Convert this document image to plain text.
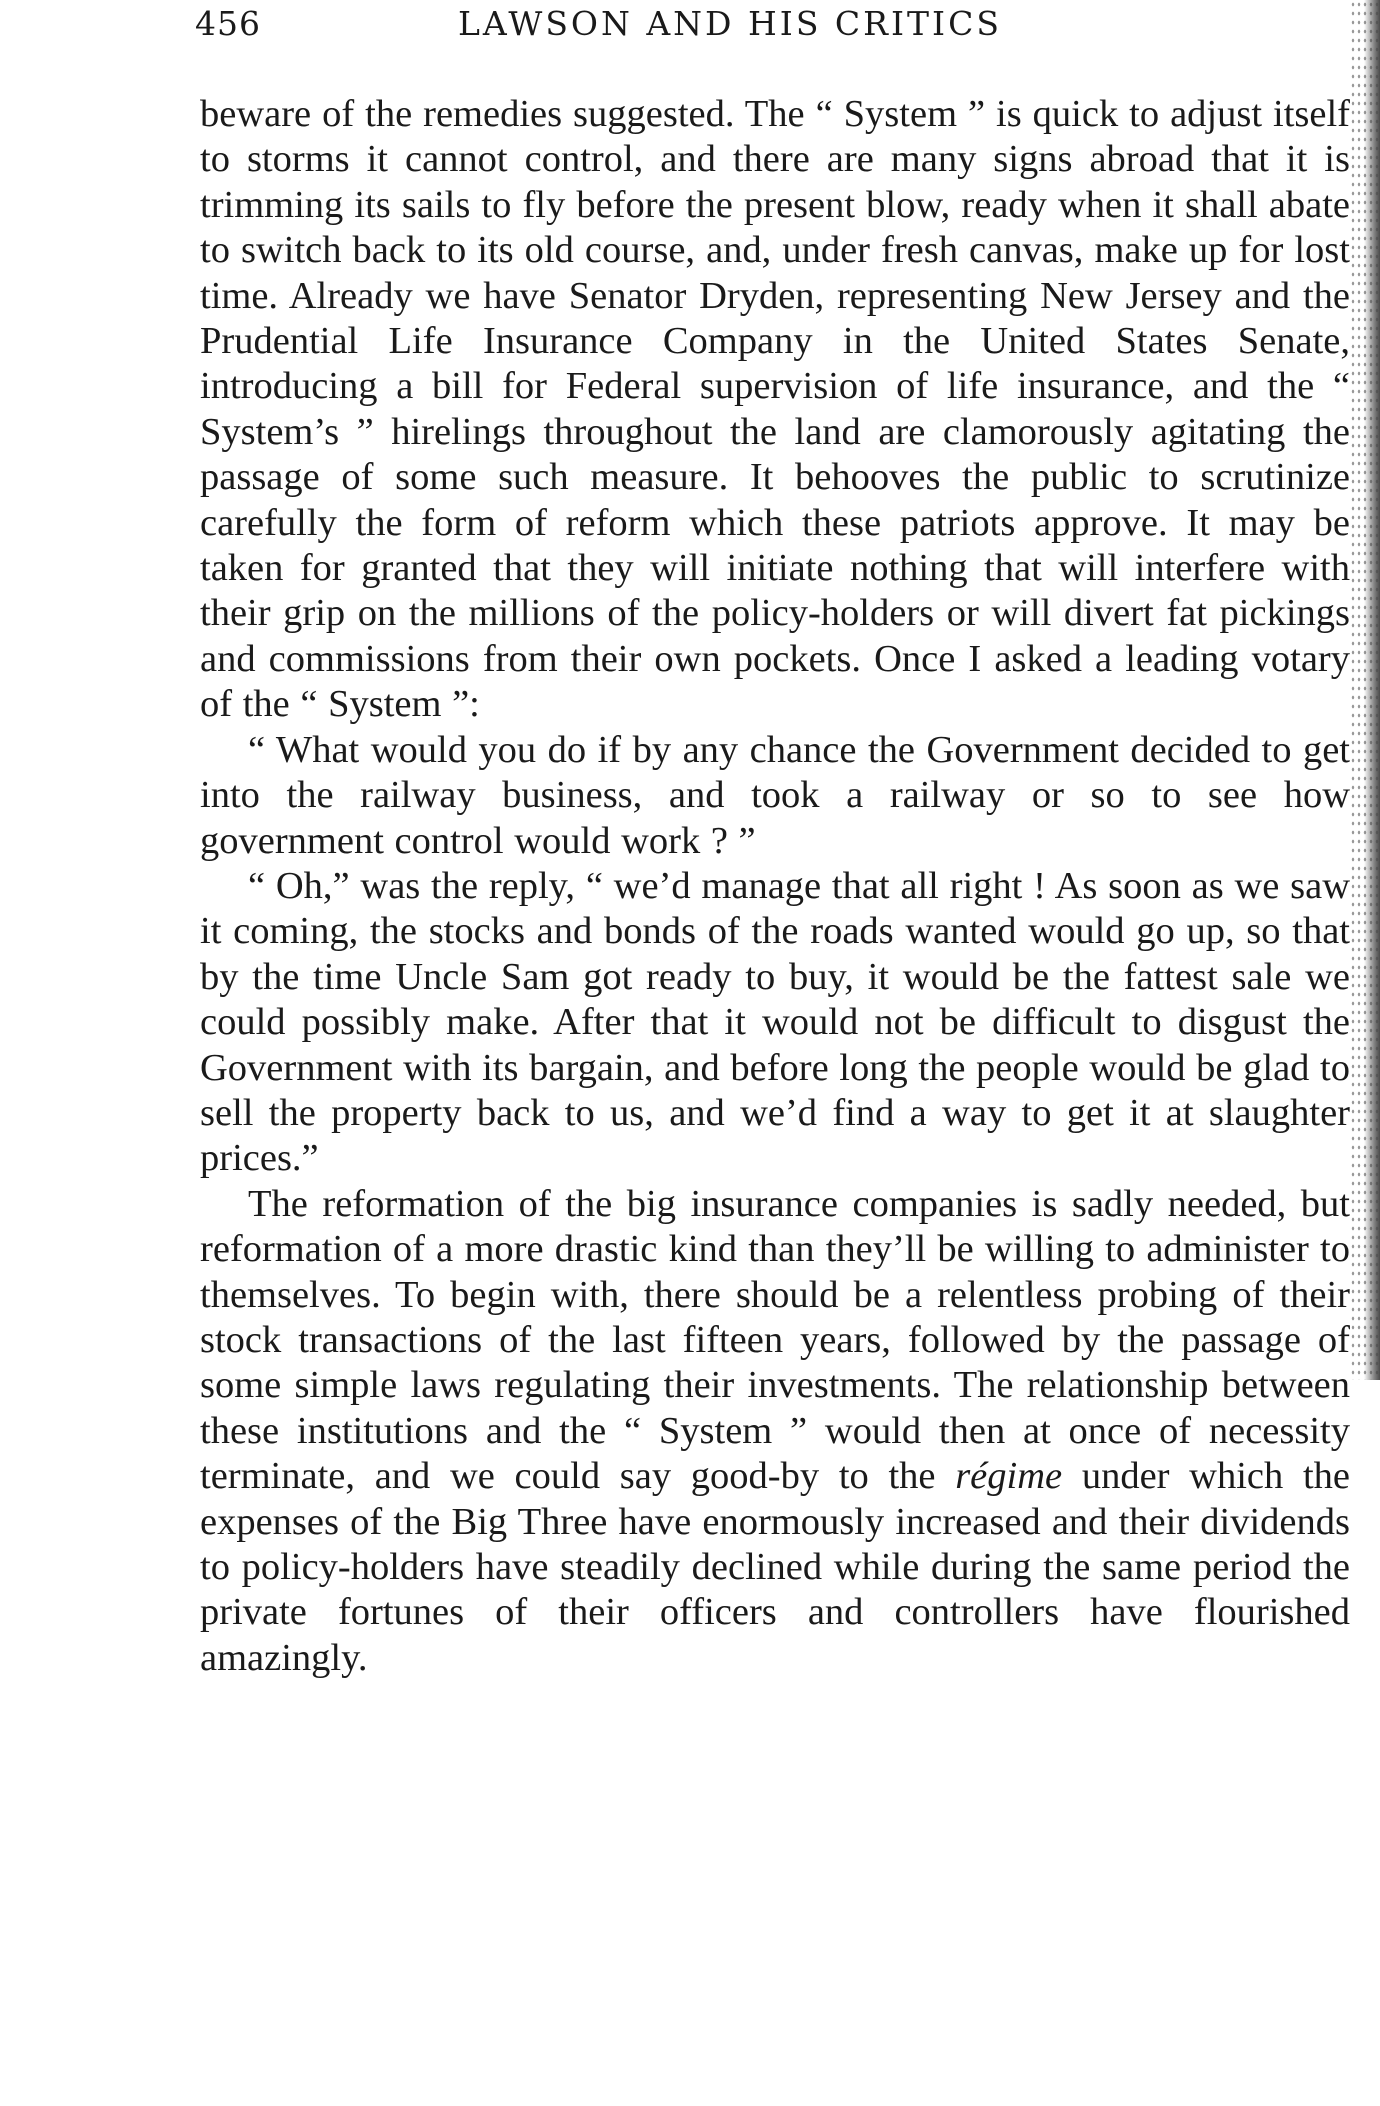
456	LAWSON AND HIS CRITICS

beware of the remedies suggested. The “ System ” is quick to adjust itself to storms it cannot control, and there are many signs abroad that it is trimming its sails to fly before the present blow, ready when it shall abate to switch back to its old course, and, under fresh canvas, make up for lost time. Already we have Senator Dryden, representing New Jersey and the Prudential Life Insurance Company in the United States Senate, introducing a bill for Federal supervision of life insurance, and the “ System’s ” hirelings throughout the land are clamorously agitating the passage of some such measure. It behooves the public to scrutinize carefully the form of reform which these patriots approve. It may be taken for granted that they will initiate nothing that will interfere with their grip on the millions of the policy-holders or will divert fat pickings and commissions from their own pockets. Once I asked a leading votary of the “ System ”:

“ What would you do if by any chance the Government decided to get into the railway business, and took a railway or so to see how government control would work ? ”

“ Oh,” was the reply, “ we’d manage that all right ! As soon as we saw it coming, the stocks and bonds of the roads wanted would go up, so that by the time Uncle Sam got ready to buy, it would be the fattest sale we could possibly make. After that it would not be difficult to disgust the Government with its bargain, and before long the people would be glad to sell the property back to us, and we’d find a way to get it at slaughter prices.”

The reformation of the big insurance companies is sadly needed, but reformation of a more drastic kind than they’ll be willing to administer to themselves. To begin with, there should be a relentless probing of their stock transactions of the last fifteen years, followed by the passage of some simple laws regulating their investments. The relationship between these institutions and the “ System ” would then at once of necessity terminate, and we could say good-by to the régime under which the expenses of the Big Three have enormously increased and their dividends to policy-holders have steadily declined while during the same period the private fortunes of their officers and controllers have flourished amazingly.
